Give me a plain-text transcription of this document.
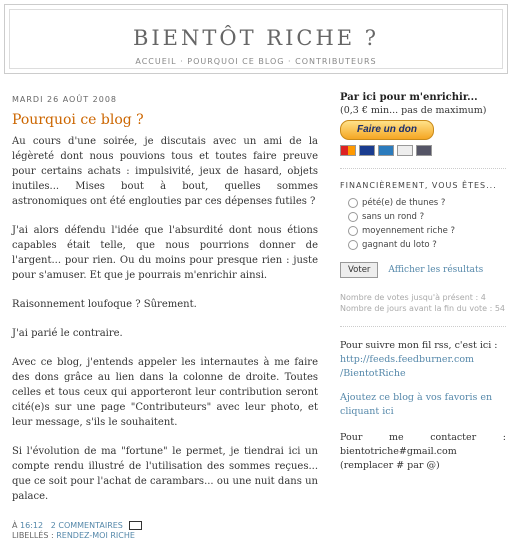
BIENTÔT RICHE ?
ACCUEIL · POURQUOI CE BLOG · CONTRIBUTEURS
MARDI 26 AOÛT 2008
Pourquoi ce blog ?

Au cours d'une soirée, je discutais avec un ami de la légèreté dont nous pouvions tous et toutes faire preuve pour certains achats : impulsivité, jeux de hasard, objets inutiles... Mises bout à bout, quelles sommes astronomiques ont été englouties par ces dépenses futiles ?

J'ai alors défendu l'idée que l'absurdité dont nous étions capables était telle, que nous pourrions donner de l'argent... pour rien. Ou du moins pour presque rien : juste pour s'amuser. Et que je pourrais m'enrichir ainsi.

Raisonnement loufoque ? Sûrement.

J'ai parié le contraire.

Avec ce blog, j'entends appeler les internautes à me faire des dons grâce au lien dans la colonne de droite. Toutes celles et tous ceux qui apporteront leur contribution seront cité(e)s sur une page "Contributeurs" avec leur photo, et leur message, s'ils le souhaitent.

Si l'évolution de ma "fortune" le permet, je tiendrai ici un compte rendu illustré de l'utilisation des sommes reçues... que ce soit pour l'achat de carambars... ou une nuit dans un palace.

À 16:12 2 COMMENTAIRES
LIBELLÉS : RENDEZ-MOI RICHE
Par ici pour m'enrichir...
(0,3 € min... pas de maximum)
Faire un don
FINANCIÈREMENT, VOUS ÊTES...
pété(e) de thunes ?
sans un rond ?
moyennement riche ?
gagnant du loto ?
Voter	Afficher les résultats
Nombre de votes jusqu'à présent : 4
Nombre de jours avant la fin du vote : 54
Pour suivre mon fil rss, c'est ici :
http://feeds.feedburner.com
/BientotRiche
Ajoutez ce blog à vos favoris en cliquant ici
Pour	me	contacter	:
bientotriche#gmail.com
(remplacer # par @)
